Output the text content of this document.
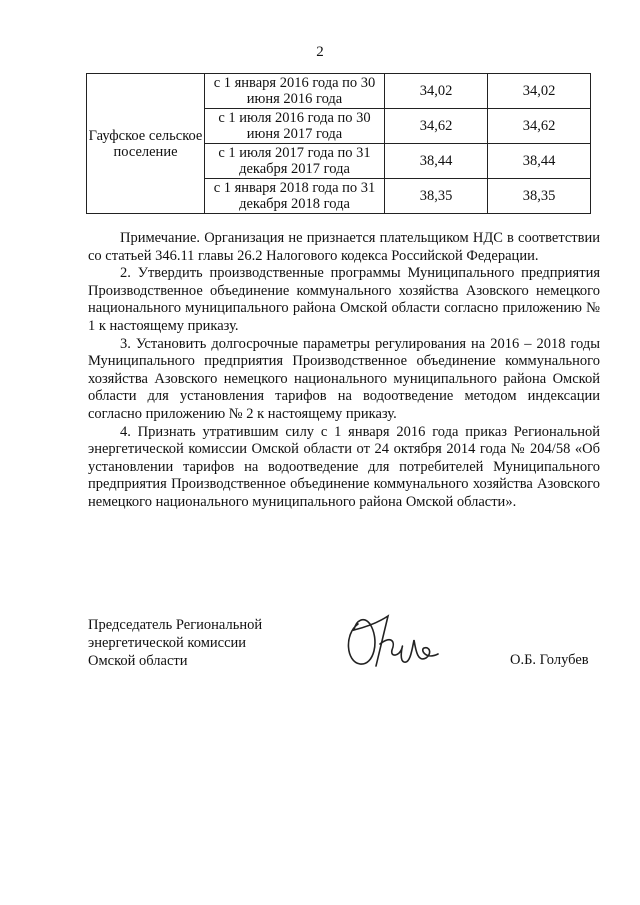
2
Гауфское сельское поселение	с 1 января 2016 года по 30 июня 2016 года	34,02	34,02
	с 1 июля 2016 года по 30 июня 2017 года	34,62	34,62
	с 1 июля 2017 года по 31 декабря 2017 года	38,44	38,44
	с 1 января 2018 года по 31 декабря 2018 года	38,35	38,35

Примечание. Организация не признается плательщиком НДС в соответствии со статьей 346.11 главы 26.2 Налогового кодекса Российской Федерации.

2. Утвердить производственные программы Муниципального предприятия Производственное объединение коммунального хозяйства Азовского немецкого национального муниципального района Омской области согласно приложению № 1 к настоящему приказу.

3. Установить долгосрочные параметры регулирования на 2016 – 2018 годы Муниципального предприятия Производственное объединение коммунального хозяйства Азовского немецкого национального муниципального района Омской области для установления тарифов на водоотведение методом индексации согласно приложению № 2 к настоящему приказу.

4. Признать утратившим силу с 1 января 2016 года приказ Региональной энергетической комиссии Омской области от 24 октября 2014 года № 204/58 «Об установлении тарифов на водоотведение для потребителей Муниципального предприятия Производственное объединение коммунального хозяйства Азовского немецкого национального муниципального района Омской области».

Председатель Региональной
энергетической комиссии
Омской области	О.Б. Голубев
